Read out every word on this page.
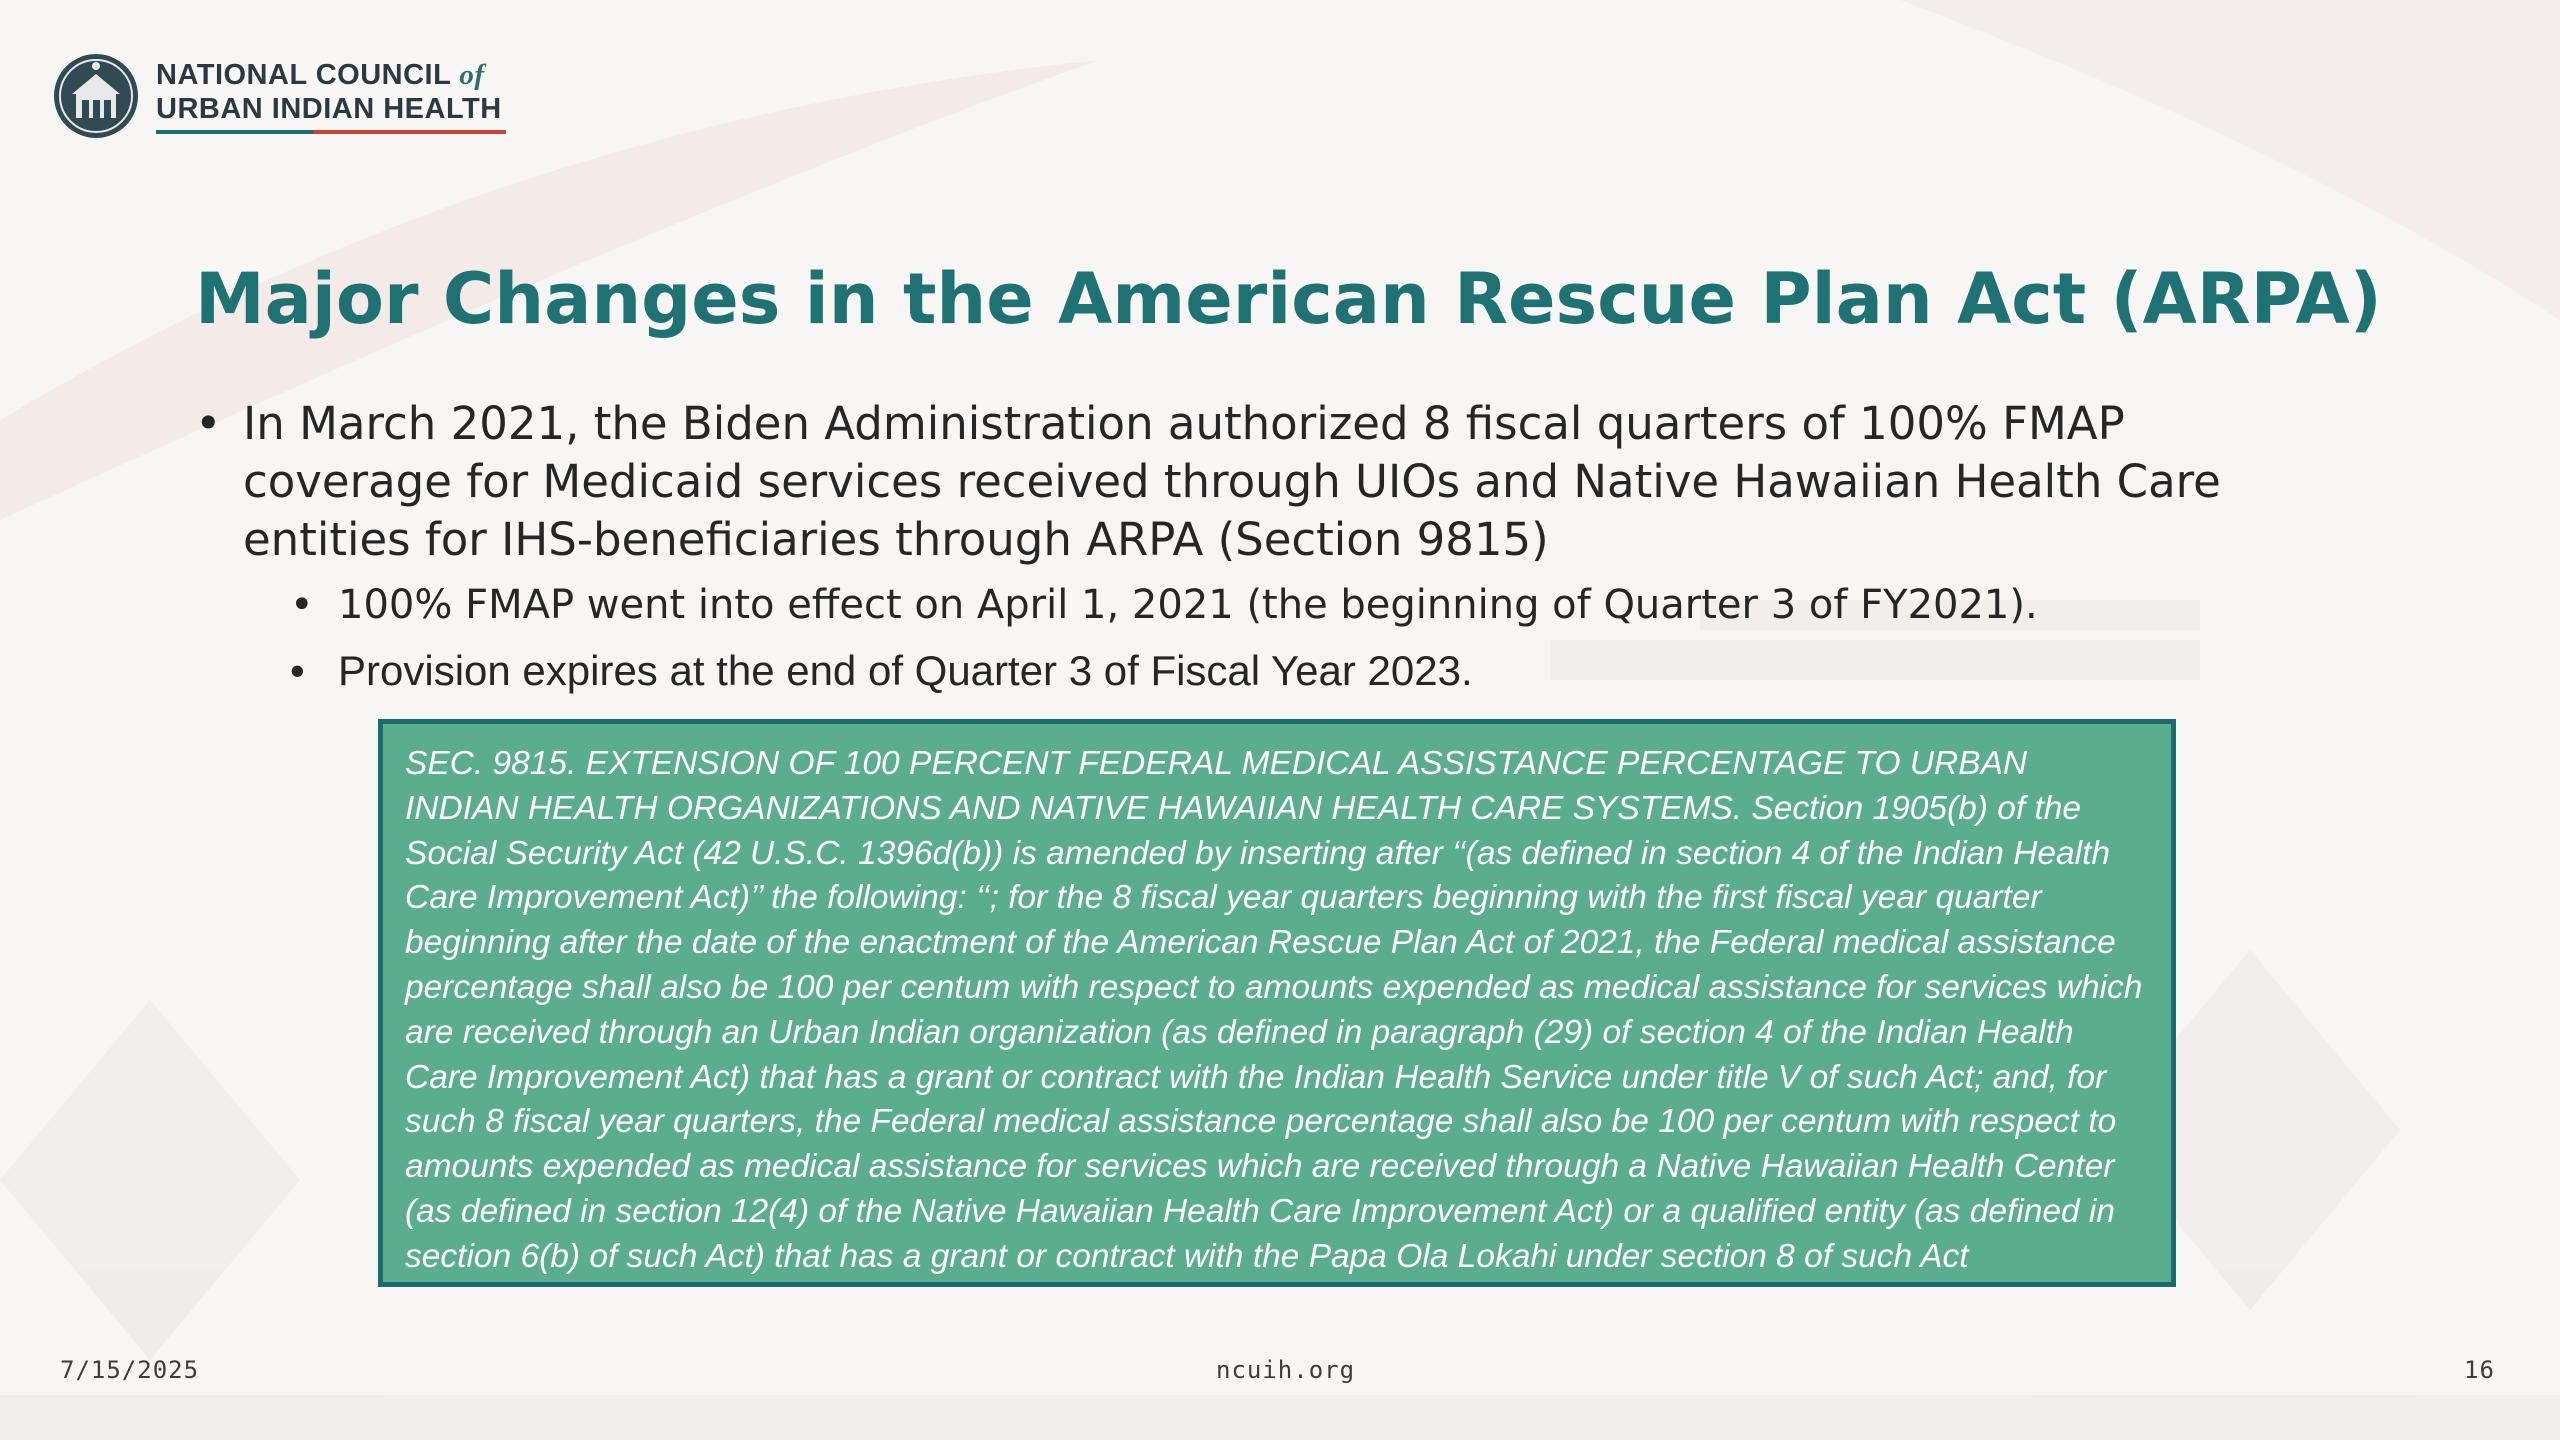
NATIONAL COUNCIL of
URBAN INDIAN HEALTH
Major Changes in the American Rescue Plan Act (ARPA)
• In March 2021, the Biden Administration authorized 8 fiscal quarters of 100% FMAP coverage for Medicaid services received through UIOs and Native Hawaiian Health Care entities for IHS-beneficiaries through ARPA (Section 9815)
• 100% FMAP went into effect on April 1, 2021 (the beginning of Quarter 3 of FY2021).
• Provision expires at the end of Quarter 3 of Fiscal Year 2023.

SEC. 9815. EXTENSION OF 100 PERCENT FEDERAL MEDICAL ASSISTANCE PERCENTAGE TO URBAN INDIAN HEALTH ORGANIZATIONS AND NATIVE HAWAIIAN HEALTH CARE SYSTEMS. Section 1905(b) of the Social Security Act (42 U.S.C. 1396d(b)) is amended by inserting after ‘‘(as defined in section 4 of the Indian Health Care Improvement Act)’’ the following: ‘‘; for the 8 fiscal year quarters beginning with the first fiscal year quarter beginning after the date of the enactment of the American Rescue Plan Act of 2021, the Federal medical assistance percentage shall also be 100 per centum with respect to amounts expended as medical assistance for services which are received through an Urban Indian organization (as defined in paragraph (29) of section 4 of the Indian Health Care Improvement Act) that has a grant or contract with the Indian Health Service under title V of such Act; and, for such 8 fiscal year quarters, the Federal medical assistance percentage shall also be 100 per centum with respect to amounts expended as medical assistance for services which are received through a Native Hawaiian Health Center (as defined in section 12(4) of the Native Hawaiian Health Care Improvement Act) or a qualified entity (as defined in section 6(b) of such Act) that has a grant or contract with the Papa Ola Lokahi under section 8 of such Act

7/15/2025	ncuih.org	16
